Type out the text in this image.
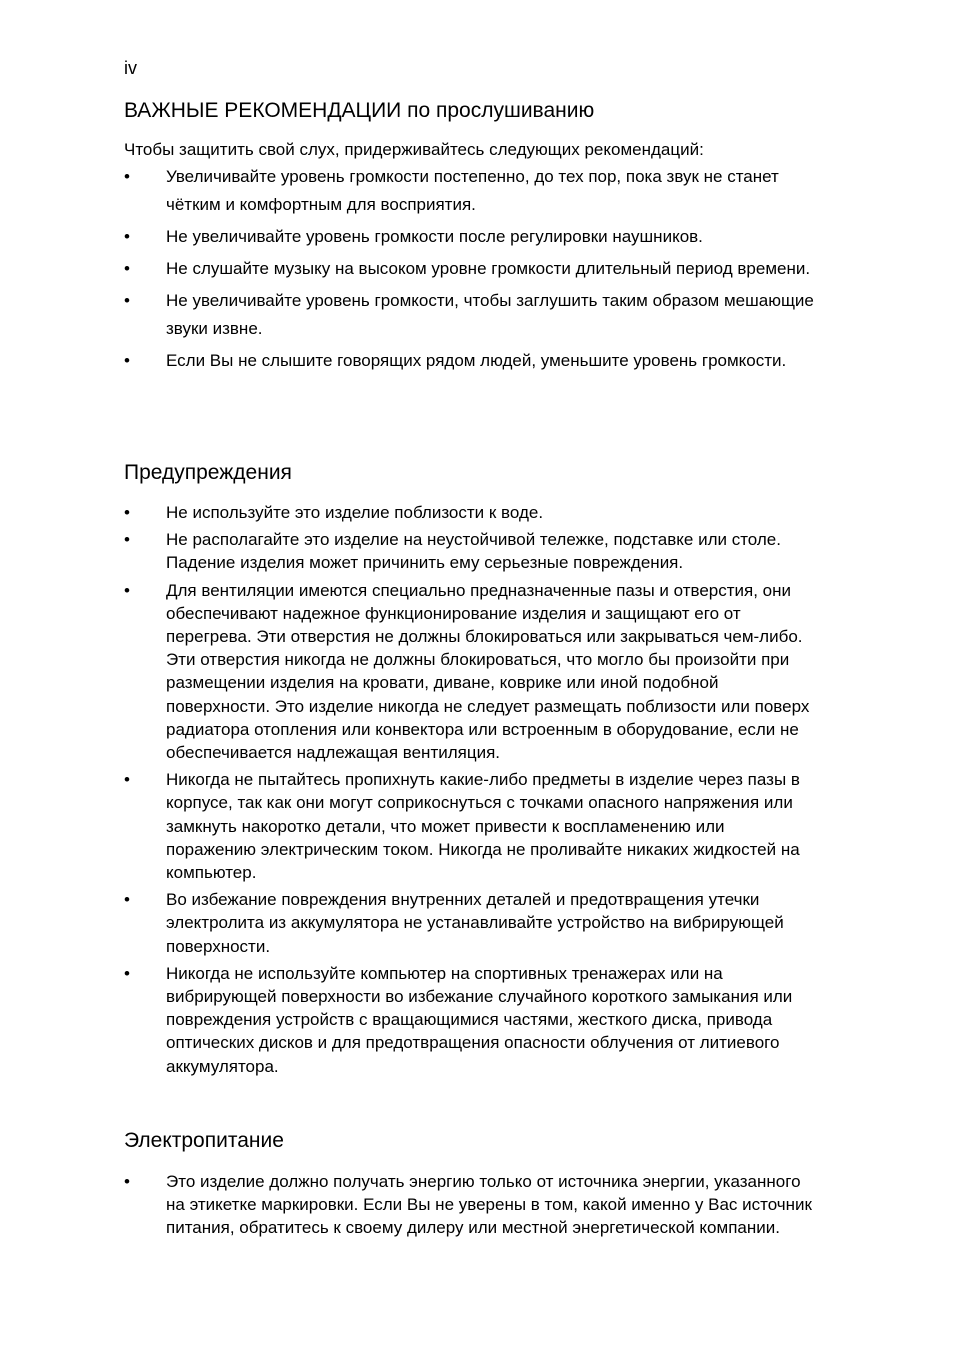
iv
ВАЖНЫЕ РЕКОМЕНДАЦИИ по прослушиванию

Чтобы защитить свой слух, придерживайтесь следующих рекомендаций:

•	Увеличивайте уровень громкости постепенно, до тех пор, пока звук не станет чётким и комфортным для восприятия.
•	Не увеличивайте уровень громкости после регулировки наушников.
•	Не слушайте музыку на высоком уровне громкости длительный период времени.
•	Не увеличивайте уровень громкости, чтобы заглушить таким образом мешающие звуки извне.
•	Если Вы не слышите говорящих рядом людей, уменьшите уровень громкости.
Предупреждения
•	Не используйте это изделие поблизости к воде.
•	Не располагайте это изделие на неустойчивой тележке, подставке или столе. Падение изделия может причинить ему серьезные повреждения.
•	Для вентиляции имеются специально предназначенные пазы и отверстия, они обеспечивают надежное функционирование изделия и защищают его от перегрева. Эти отверстия не должны блокироваться или закрываться чем-либо. Эти отверстия никогда не должны блокироваться, что могло бы произойти при размещении изделия на кровати, диване, коврике или иной подобной поверхности. Это изделие никогда не следует размещать поблизости или поверх радиатора отопления или конвектора или встроенным в оборудование, если не обеспечивается надлежащая вентиляция.
•	Никогда не пытайтесь пропихнуть какие-либо предметы в изделие через пазы в корпусе, так как они могут соприкоснуться с точками опасного напряжения или замкнуть накоротко детали, что может привести к воспламенению или поражению электрическим током. Никогда не проливайте никаких жидкостей на компьютер.
•	Во избежание повреждения внутренних деталей и предотвращения утечки электролита из аккумулятора не устанавливайте устройство на вибрирующей поверхности.
•	Никогда не используйте компьютер на спортивных тренажерах или на вибрирующей поверхности во избежание случайного короткого замыкания или повреждения устройств с вращающимися частями, жесткого диска, привода оптических дисков и для предотвращения опасности облучения от литиевого аккумулятора.
Электропитание
•	Это изделие должно получать энергию только от источника энергии, указанного на этикетке маркировки. Если Вы не уверены в том, какой именно у Вас источник питания, обратитесь к своему дилеру или местной энергетической компании.
